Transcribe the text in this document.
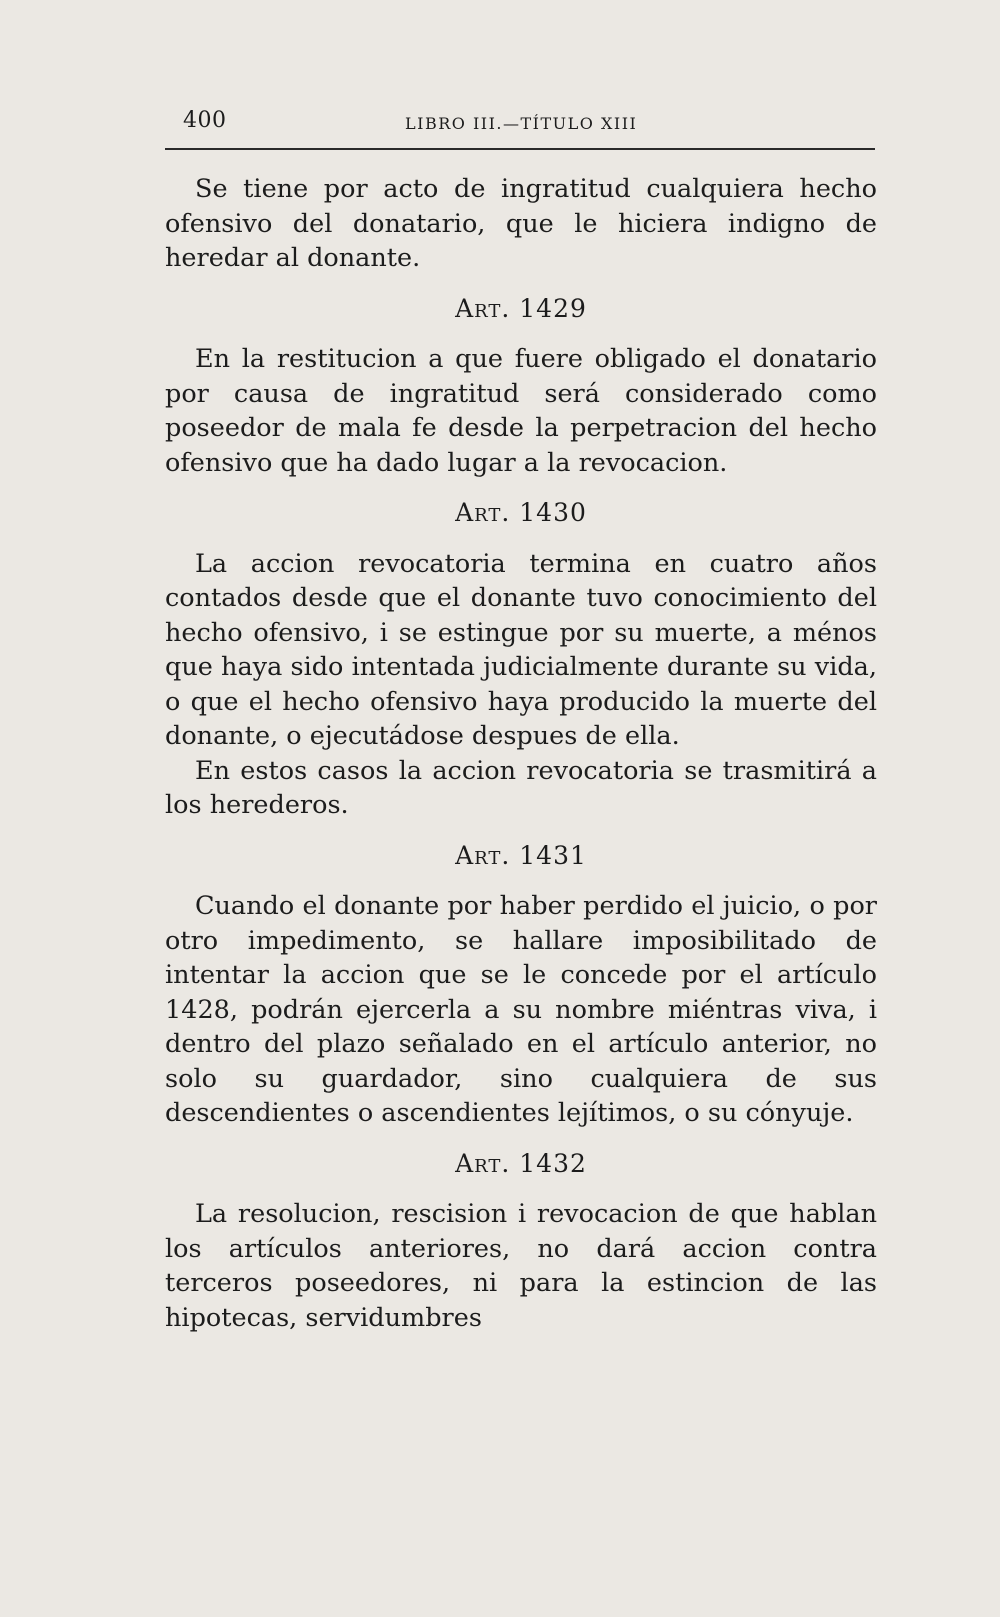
400	LIBRO III.—TÍTULO XIII

Se tiene por acto de ingratitud cualquiera hecho ofensivo del donatario, que le hiciera indigno de heredar al donante.

Art. 1429

En la restitucion a que fuere obligado el donatario por causa de ingratitud será considerado como poseedor de mala fe desde la perpetracion del hecho ofensivo que ha dado lugar a la revocacion.

Art. 1430

La accion revocatoria termina en cuatro años contados desde que el donante tuvo conocimiento del hecho ofensivo, i se estingue por su muerte, a ménos que haya sido intentada judicialmente durante su vida, o que el hecho ofensivo haya producido la muerte del donante, o ejecutádose despues de ella.

En estos casos la accion revocatoria se trasmitirá a los herederos.

Art. 1431

Cuando el donante por haber perdido el juicio, o por otro impedimento, se hallare imposibilitado de intentar la accion que se le concede por el artículo 1428, podrán ejercerla a su nombre miéntras viva, i dentro del plazo señalado en el artículo anterior, no solo su guardador, sino cualquiera de sus descendientes o ascendientes lejítimos, o su cónyuje.

Art. 1432

La resolucion, rescision i revocacion de que hablan los artículos anteriores, no dará accion contra terceros poseedores, ni para la estincion de las hipotecas, servidumbres
